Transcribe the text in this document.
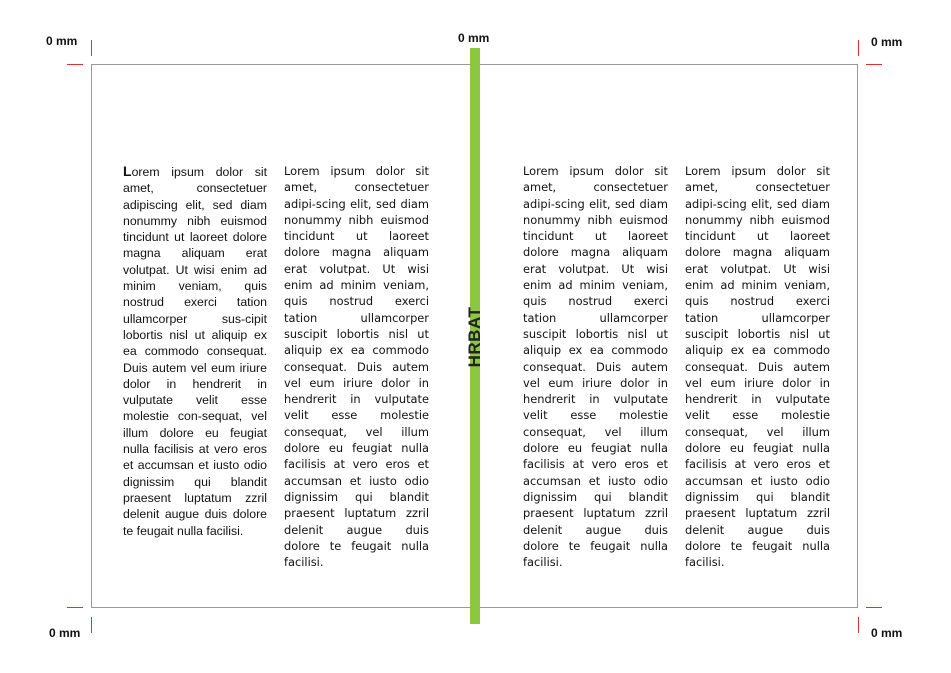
HRBAT
0 mm	0 mm	0 mm
0 mm	0 mm
Lorem ipsum dolor sit amet, consectetuer adipiscing elit, sed diam nonummy nibh euismod tincidunt ut laoreet dolore magna aliquam erat volutpat. Ut wisi enim ad minim veniam, quis nostrud exerci tation ullamcorper sus-cipit lobortis nisl ut aliquip ex ea commodo consequat. Duis autem vel eum iriure dolor in hendrerit in vulputate velit esse molestie con-sequat, vel illum dolore eu feugiat nulla facilisis at vero eros et accumsan et iusto odio dignissim qui blandit praesent luptatum zzril delenit augue duis dolore te feugait nulla facilisi.
Lorem ipsum dolor sit amet, consectetuer adipi-scing elit, sed diam nonummy nibh euismod tincidunt ut laoreet dolore magna aliquam erat volutpat. Ut wisi enim ad minim veniam, quis nostrud exerci tation ullamcorper suscipit lobortis nisl ut aliquip ex ea commodo consequat. Duis autem vel eum iriure dolor in hendrerit in vulputate velit esse molestie consequat, vel illum dolore eu feugiat nulla facilisis at vero eros et accumsan et iusto odio dignissim qui blandit praesent luptatum zzril delenit augue duis dolore te feugait nulla facilisi.
Lorem ipsum dolor sit amet, consectetuer adipi-scing elit, sed diam nonummy nibh euismod tincidunt ut laoreet dolore magna aliquam erat volutpat. Ut wisi enim ad minim veniam, quis nostrud exerci tation ullamcorper suscipit lobortis nisl ut aliquip ex ea commodo consequat. Duis autem vel eum iriure dolor in hendrerit in vulputate velit esse molestie consequat, vel illum dolore eu feugiat nulla facilisis at vero eros et accumsan et iusto odio dignissim qui blandit praesent luptatum zzril delenit augue duis dolore te feugait nulla facilisi.
Lorem ipsum dolor sit amet, consectetuer adipi-scing elit, sed diam nonummy nibh euismod tincidunt ut laoreet dolore magna aliquam erat volutpat. Ut wisi enim ad minim veniam, quis nostrud exerci tation ullamcorper suscipit lobortis nisl ut aliquip ex ea commodo consequat. Duis autem vel eum iriure dolor in hendrerit in vulputate velit esse molestie consequat, vel illum dolore eu feugiat nulla facilisis at vero eros et accumsan et iusto odio dignissim qui blandit praesent luptatum zzril delenit augue duis dolore te feugait nulla facilisi.
